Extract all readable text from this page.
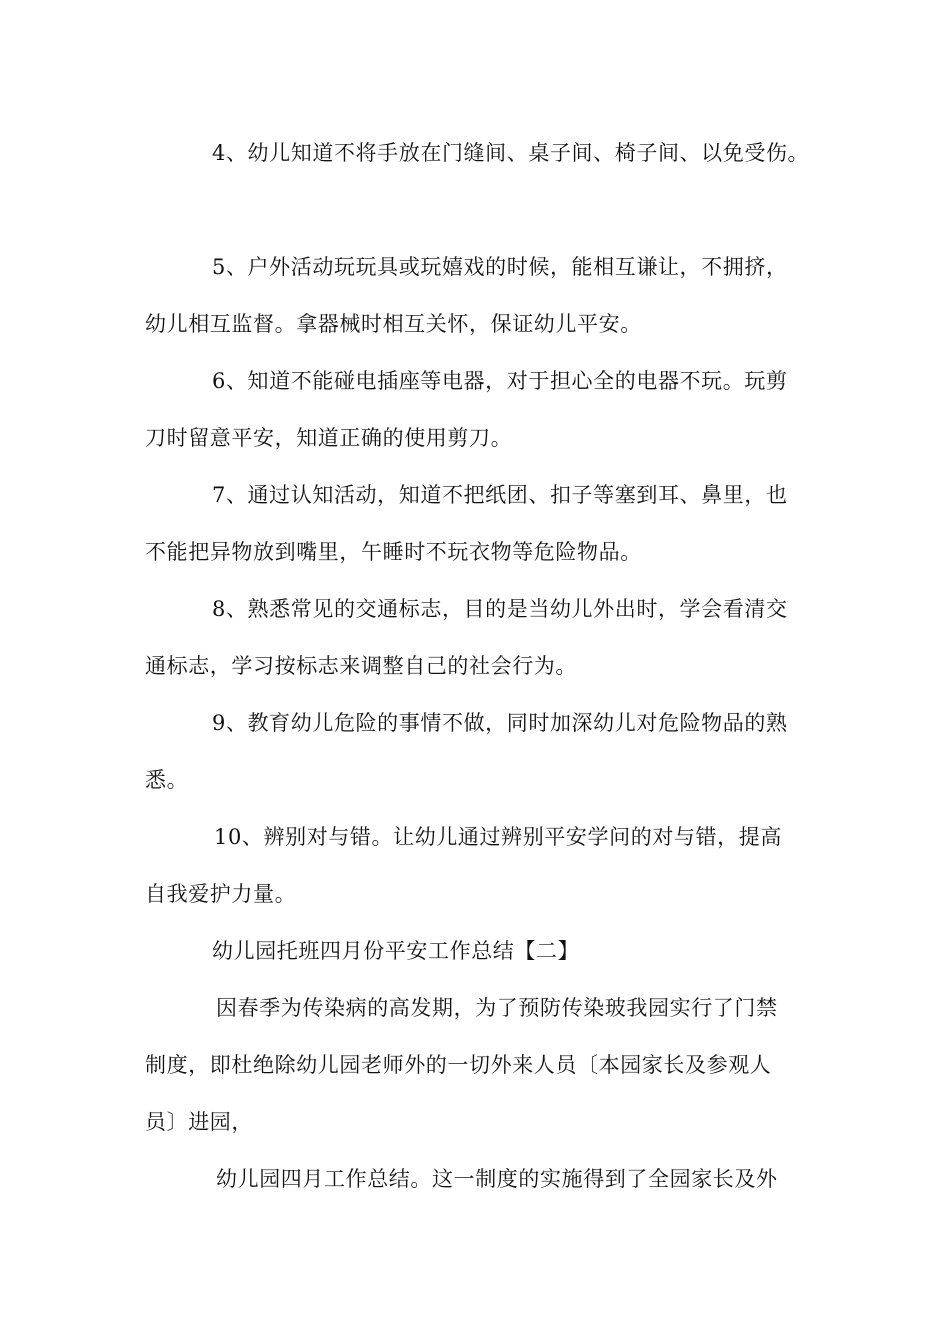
4、幼儿知道不将手放在门缝间、桌子间、椅子间、以免受伤。
5、户外活动玩玩具或玩嬉戏的时候，能相互谦让，不拥挤，
幼儿相互监督。拿器械时相互关怀，保证幼儿平安。
6、知道不能碰电插座等电器，对于担心全的电器不玩。玩剪
刀时留意平安，知道正确的使用剪刀。
7、通过认知活动，知道不把纸团、扣子等塞到耳、鼻里，也
不能把异物放到嘴里，午睡时不玩衣物等危险物品。
8、熟悉常见的交通标志，目的是当幼儿外出时，学会看清交
通标志，学习按标志来调整自己的社会行为。
9、教育幼儿危险的事情不做，同时加深幼儿对危险物品的熟
悉。
10、辨别对与错。让幼儿通过辨别平安学问的对与错，提高
自我爱护力量。
幼儿园托班四月份平安工作总结【二】
因春季为传染病的高发期，为了预防传染玻我园实行了门禁
制度，即杜绝除幼儿园老师外的一切外来人员〔本园家长及参观人
员〕进园，
幼儿园四月工作总结。这一制度的实施得到了全园家长及外
